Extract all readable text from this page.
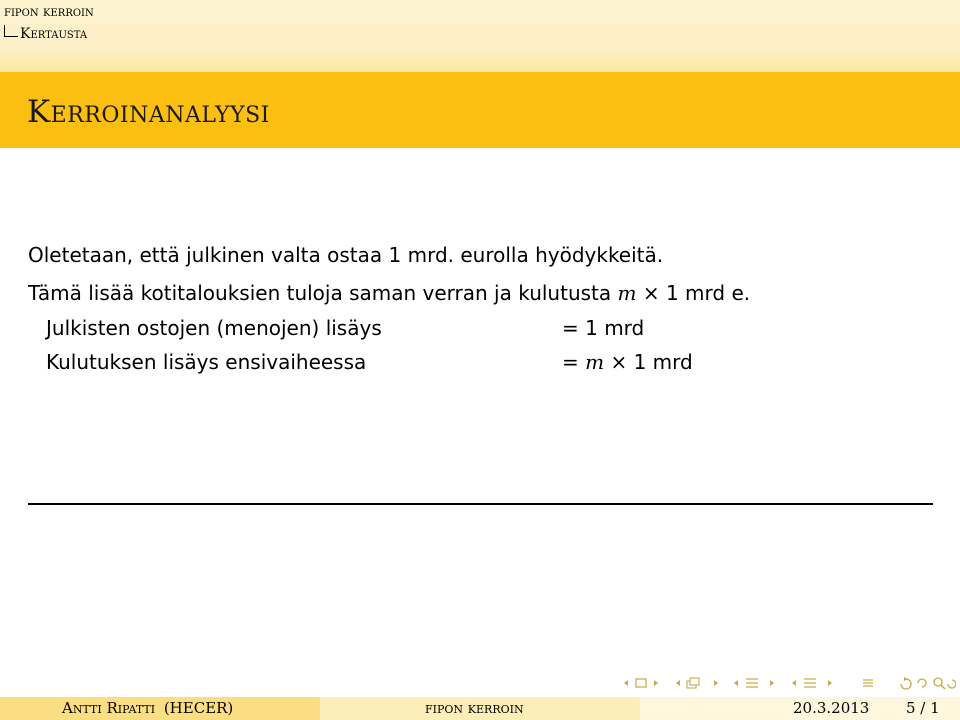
fipon kerroin
Kertausta
Kerroinanalyysi
Oletetaan, että julkinen valta ostaa 1 mrd. eurolla hyödykkeitä.
Tämä lisää kotitalouksien tuloja saman verran ja kulutusta m × 1 mrd e.
Julkisten ostojen (menojen) lisäys	= 1 mrd
Kulutuksen lisäys ensivaiheessa	= m × 1 mrd
Antti Ripatti (HECER)	fipon kerroin	20.3.2013 5 / 1
